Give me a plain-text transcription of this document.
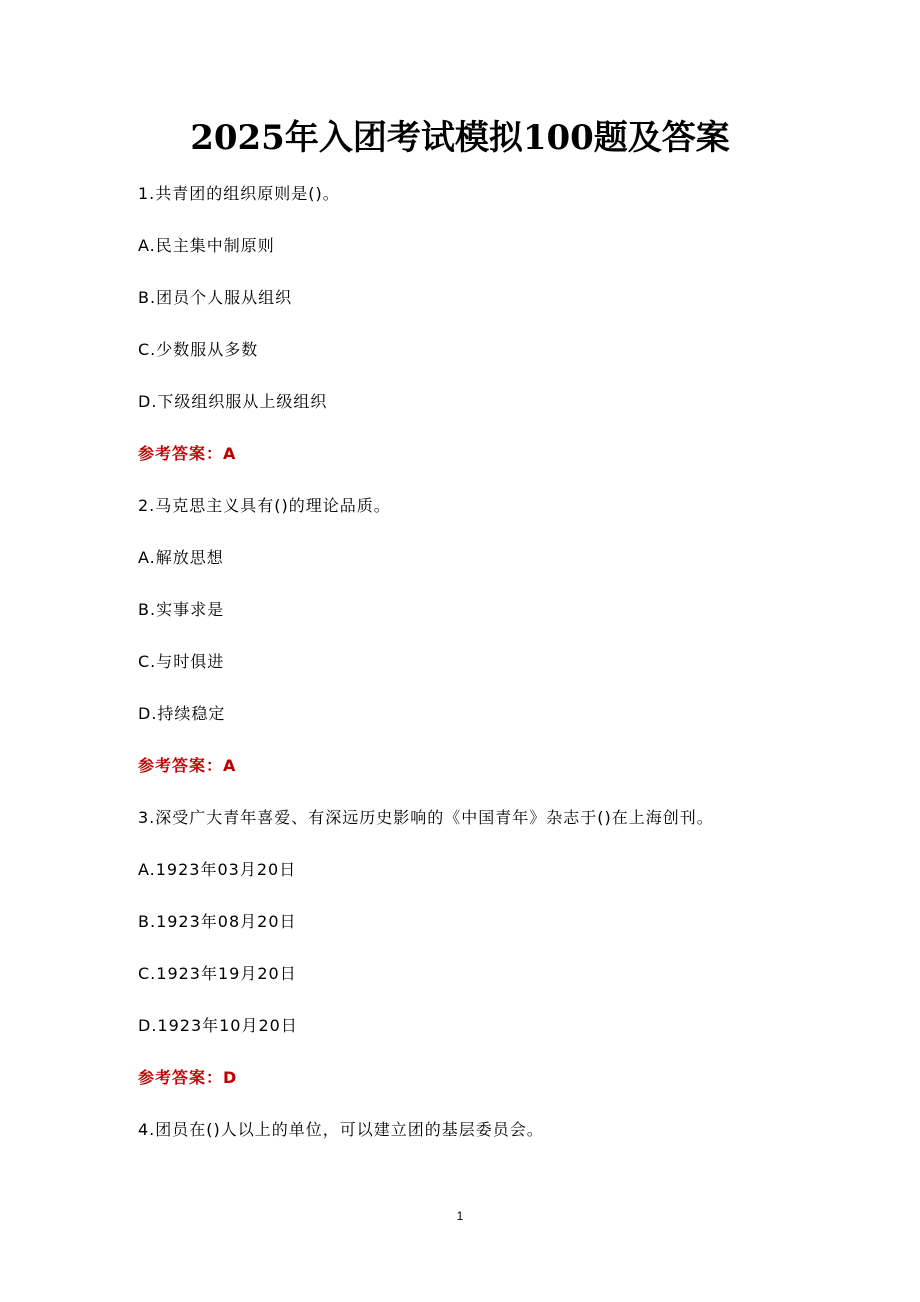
2025年入团考试模拟100题及答案
1.共青团的组织原则是()。
A.民主集中制原则
B.团员个人服从组织
C.少数服从多数
D.下级组织服从上级组织
参考答案：A
2.马克思主义具有()的理论品质。
A.解放思想
B.实事求是
C.与时俱进
D.持续稳定
参考答案：A
3.深受广大青年喜爱、有深远历史影响的《中国青年》杂志于()在上海创刊。
A.1923年03月20日
B.1923年08月20日
C.1923年19月20日
D.1923年10月20日
参考答案：D
4.团员在()人以上的单位，可以建立团的基层委员会。
1
